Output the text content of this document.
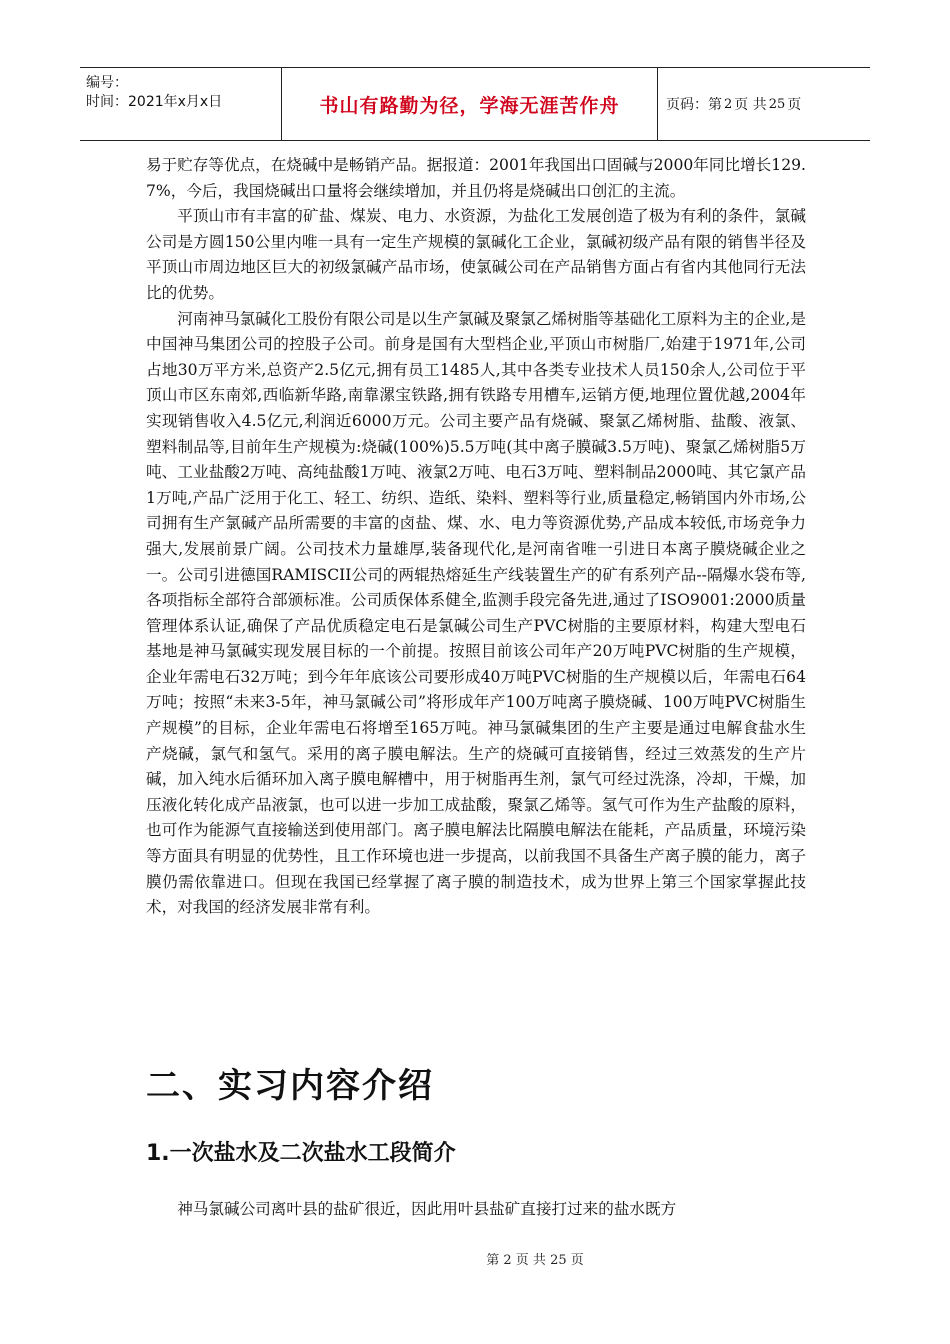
编号：
时间：2021年x月x日	书山有路勤为径，学海无涯苦作舟	页码：第 2 页 共 25 页

易于贮存等优点，在烧碱中是畅销产品。据报道：2001年我国出口固碱与2000年同比增长129.7%，今后，我国烧碱出口量将会继续增加，并且仍将是烧碱出口创汇的主流。

平顶山市有丰富的矿盐、煤炭、电力、水资源，为盐化工发展创造了极为有利的条件，氯碱公司是方圆150公里内唯一具有一定生产规模的氯碱化工企业，氯碱初级产品有限的销售半径及平顶山市周边地区巨大的初级氯碱产品市场，使氯碱公司在产品销售方面占有省内其他同行无法比的优势。

河南神马氯碱化工股份有限公司是以生产氯碱及聚氯乙烯树脂等基础化工原料为主的企业,是中国神马集团公司的控股子公司。前身是国有大型档企业,平顶山市树脂厂,始建于1971年,公司占地30万平方米,总资产2.5亿元,拥有员工1485人,其中各类专业技术人员150余人,公司位于平顶山市区东南郊,西临新华路,南靠漯宝铁路,拥有铁路专用槽车,运销方便,地理位置优越,2004年实现销售收入4.5亿元,利润近6000万元。公司主要产品有烧碱、聚氯乙烯树脂、盐酸、液氯、塑料制品等,目前年生产规模为:烧碱(100%)5.5万吨(其中离子膜碱3.5万吨)、聚氯乙烯树脂5万吨、工业盐酸2万吨、高纯盐酸1万吨、液氯2万吨、电石3万吨、塑料制品2000吨、其它氯产品1万吨,产品广泛用于化工、轻工、纺织、造纸、染料、塑料等行业,质量稳定,畅销国内外市场,公司拥有生产氯碱产品所需要的丰富的卤盐、煤、水、电力等资源优势,产品成本较低,市场竞争力强大,发展前景广阔。公司技术力量雄厚,装备现代化,是河南省唯一引进日本离子膜烧碱企业之一。公司引进德国RAMISCII公司的两辊热熔延生产线装置生产的矿有系列产品--隔爆水袋布等,各项指标全部符合部颁标准。公司质保体系健全,监测手段完备先进,通过了ISO9001:2000质量管理体系认证,确保了产品优质稳定电石是氯碱公司生产PVC树脂的主要原材料，构建大型电石基地是神马氯碱实现发展目标的一个前提。按照目前该公司年产20万吨PVC树脂的生产规模，企业年需电石32万吨；到今年年底该公司要形成40万吨PVC树脂的生产规模以后，年需电石64万吨；按照“未来3-5年，神马氯碱公司”将形成年产100万吨离子膜烧碱、100万吨PVC树脂生产规模”的目标，企业年需电石将增至165万吨。神马氯碱集团的生产主要是通过电解食盐水生产烧碱，氯气和氢气。采用的离子膜电解法。生产的烧碱可直接销售，经过三效蒸发的生产片碱，加入纯水后循环加入离子膜电解槽中，用于树脂再生剂，氯气可经过洗涤，冷却，干燥，加压液化转化成产品液氯，也可以进一步加工成盐酸，聚氯乙烯等。氢气可作为生产盐酸的原料，也可作为能源气直接输送到使用部门。离子膜电解法比隔膜电解法在能耗，产品质量，环境污染等方面具有明显的优势性，且工作环境也进一步提高，以前我国不具备生产离子膜的能力，离子膜仍需依靠进口。但现在我国已经掌握了离子膜的制造技术，成为世界上第三个国家掌握此技术，对我国的经济发展非常有利。

二、实习内容介绍
1.一次盐水及二次盐水工段简介

神马氯碱公司离叶县的盐矿很近，因此用叶县盐矿直接打过来的盐水既方

第 2 页 共 25 页
